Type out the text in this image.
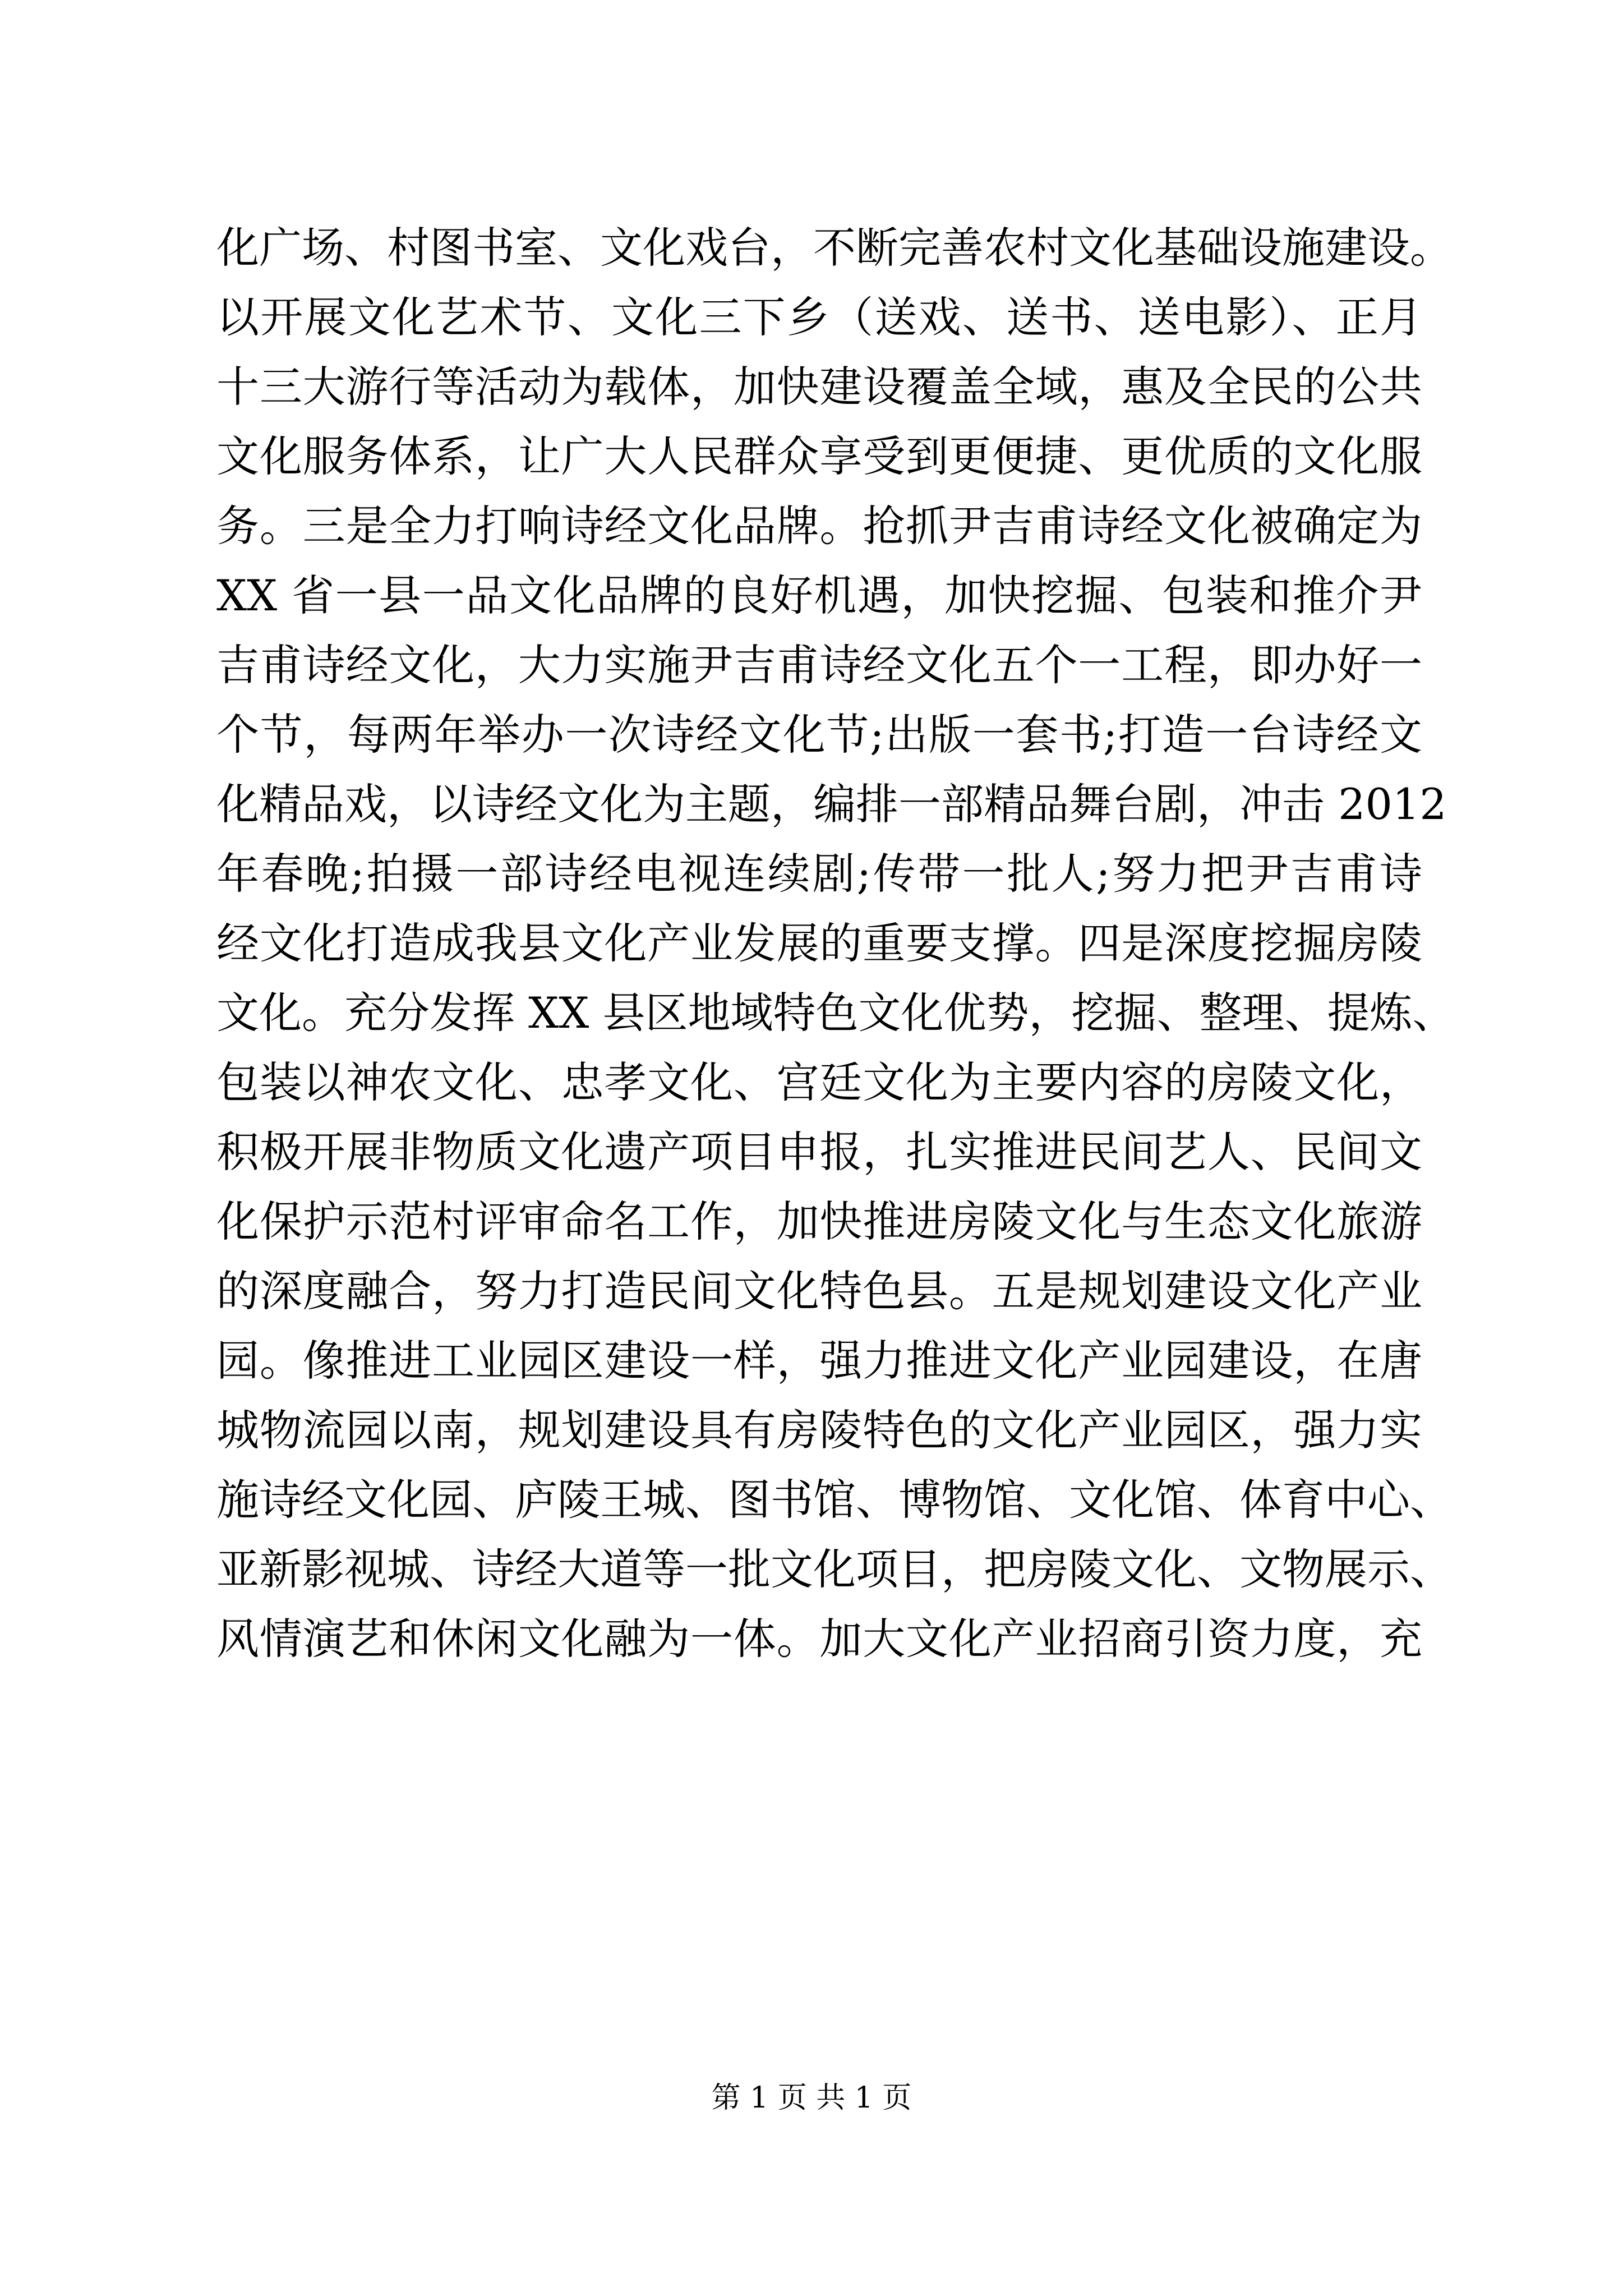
化广场、村图书室、文化戏台，不断完善农村文化基础设施建设。
以开展文化艺术节、文化三下乡（送戏、送书、送电影）、正月
十三大游行等活动为载体，加快建设覆盖全域，惠及全民的公共
文化服务体系，让广大人民群众享受到更便捷、更优质的文化服
务。三是全力打响诗经文化品牌。抢抓尹吉甫诗经文化被确定为
XX 省一县一品文化品牌的良好机遇，加快挖掘、包装和推介尹
吉甫诗经文化，大力实施尹吉甫诗经文化五个一工程，即办好一
个节，每两年举办一次诗经文化节;出版一套书;打造一台诗经文
化精品戏，以诗经文化为主题，编排一部精品舞台剧，冲击 2012
年春晚;拍摄一部诗经电视连续剧;传带一批人;努力把尹吉甫诗
经文化打造成我县文化产业发展的重要支撑。四是深度挖掘房陵
文化。充分发挥 XX 县区地域特色文化优势，挖掘、整理、提炼、
包装以神农文化、忠孝文化、宫廷文化为主要内容的房陵文化，
积极开展非物质文化遗产项目申报，扎实推进民间艺人、民间文
化保护示范村评审命名工作，加快推进房陵文化与生态文化旅游
的深度融合，努力打造民间文化特色县。五是规划建设文化产业
园。像推进工业园区建设一样，强力推进文化产业园建设，在唐
城物流园以南，规划建设具有房陵特色的文化产业园区，强力实
施诗经文化园、庐陵王城、图书馆、博物馆、文化馆、体育中心、
亚新影视城、诗经大道等一批文化项目，把房陵文化、文物展示、
风情演艺和休闲文化融为一体。加大文化产业招商引资力度，充
第 1 页 共 1 页
